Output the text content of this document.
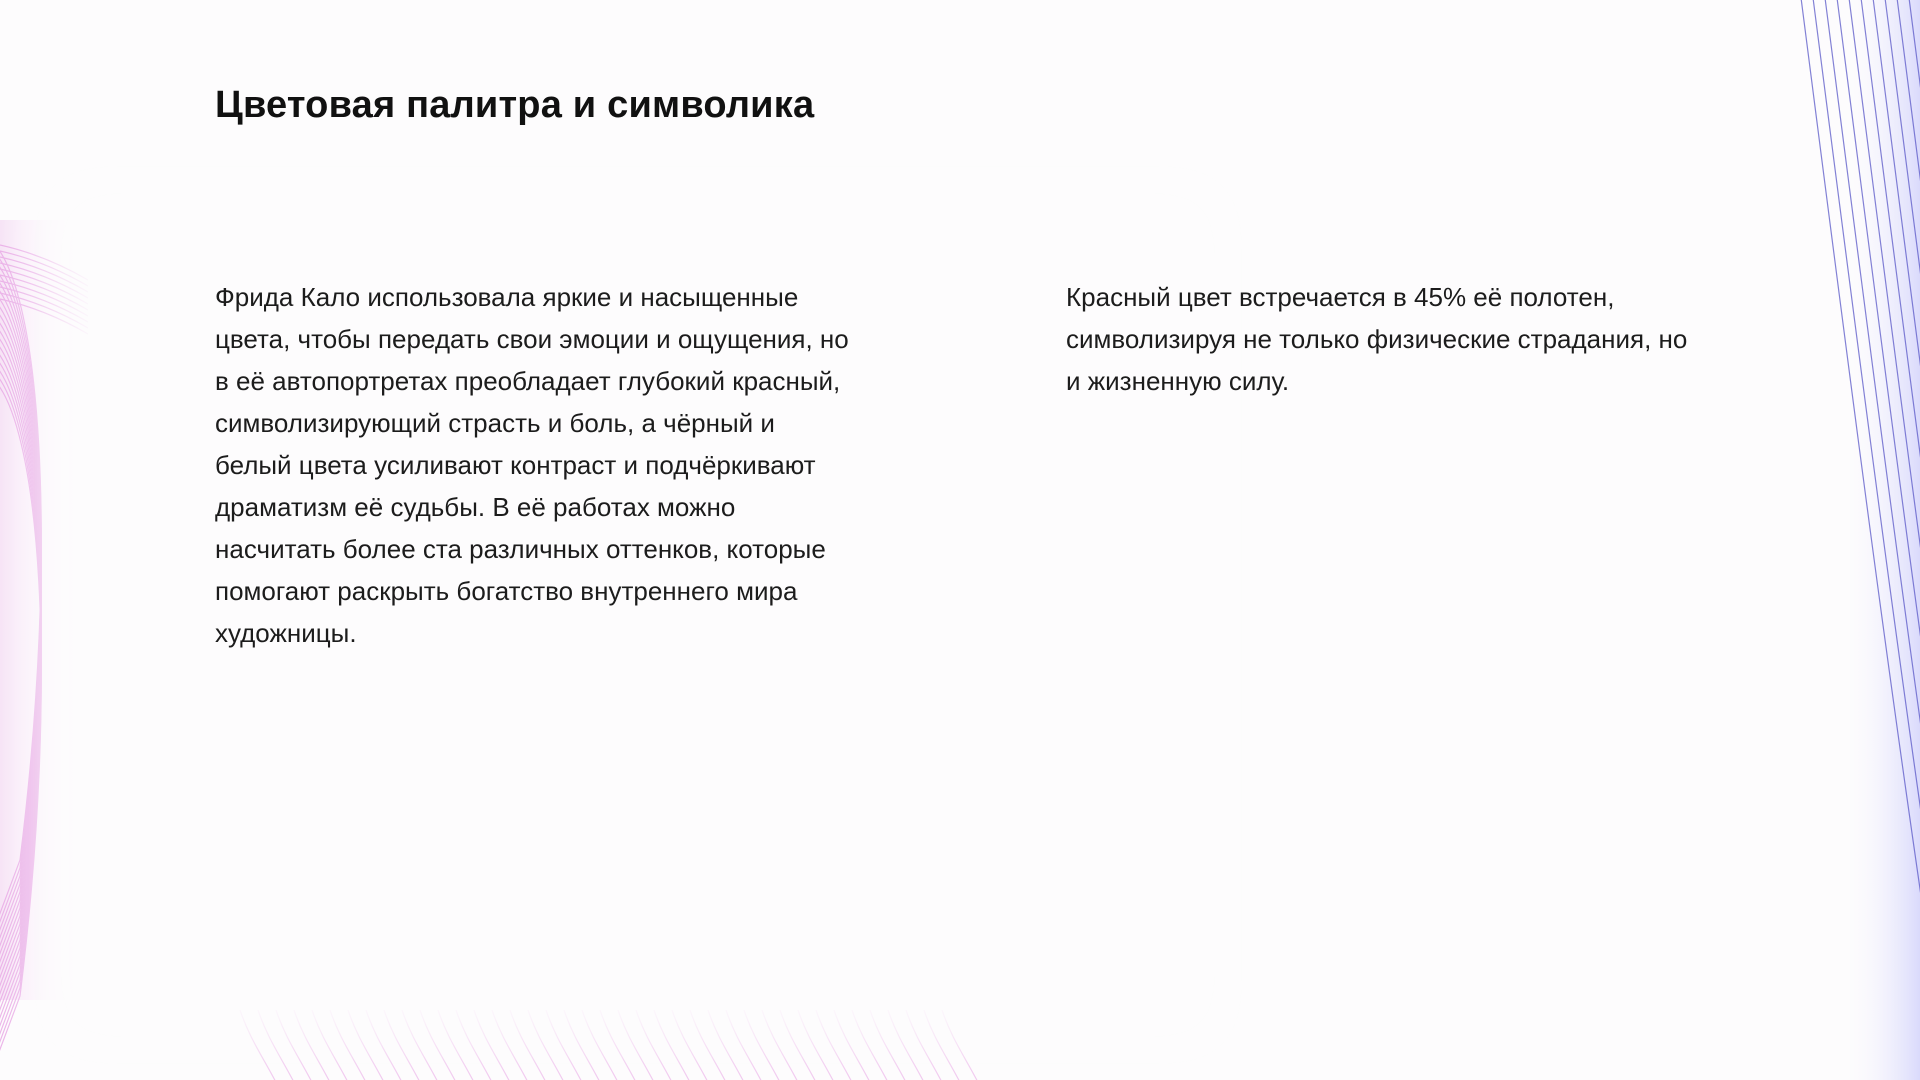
Цветовая палитра и символика

Фрида Кало использовала яркие и насыщенные цвета, чтобы передать свои эмоции и ощущения, но в её автопортретах преобладает глубокий красный, символизирующий страсть и боль, а чёрный и белый цвета усиливают контраст и подчёркивают драматизм её судьбы. В её работах можно насчитать более ста различных оттенков, которые помогают раскрыть богатство внутреннего мира художницы.

Красный цвет встречается в 45% её полотен, символизируя не только физические страдания, но и жизненную силу.
